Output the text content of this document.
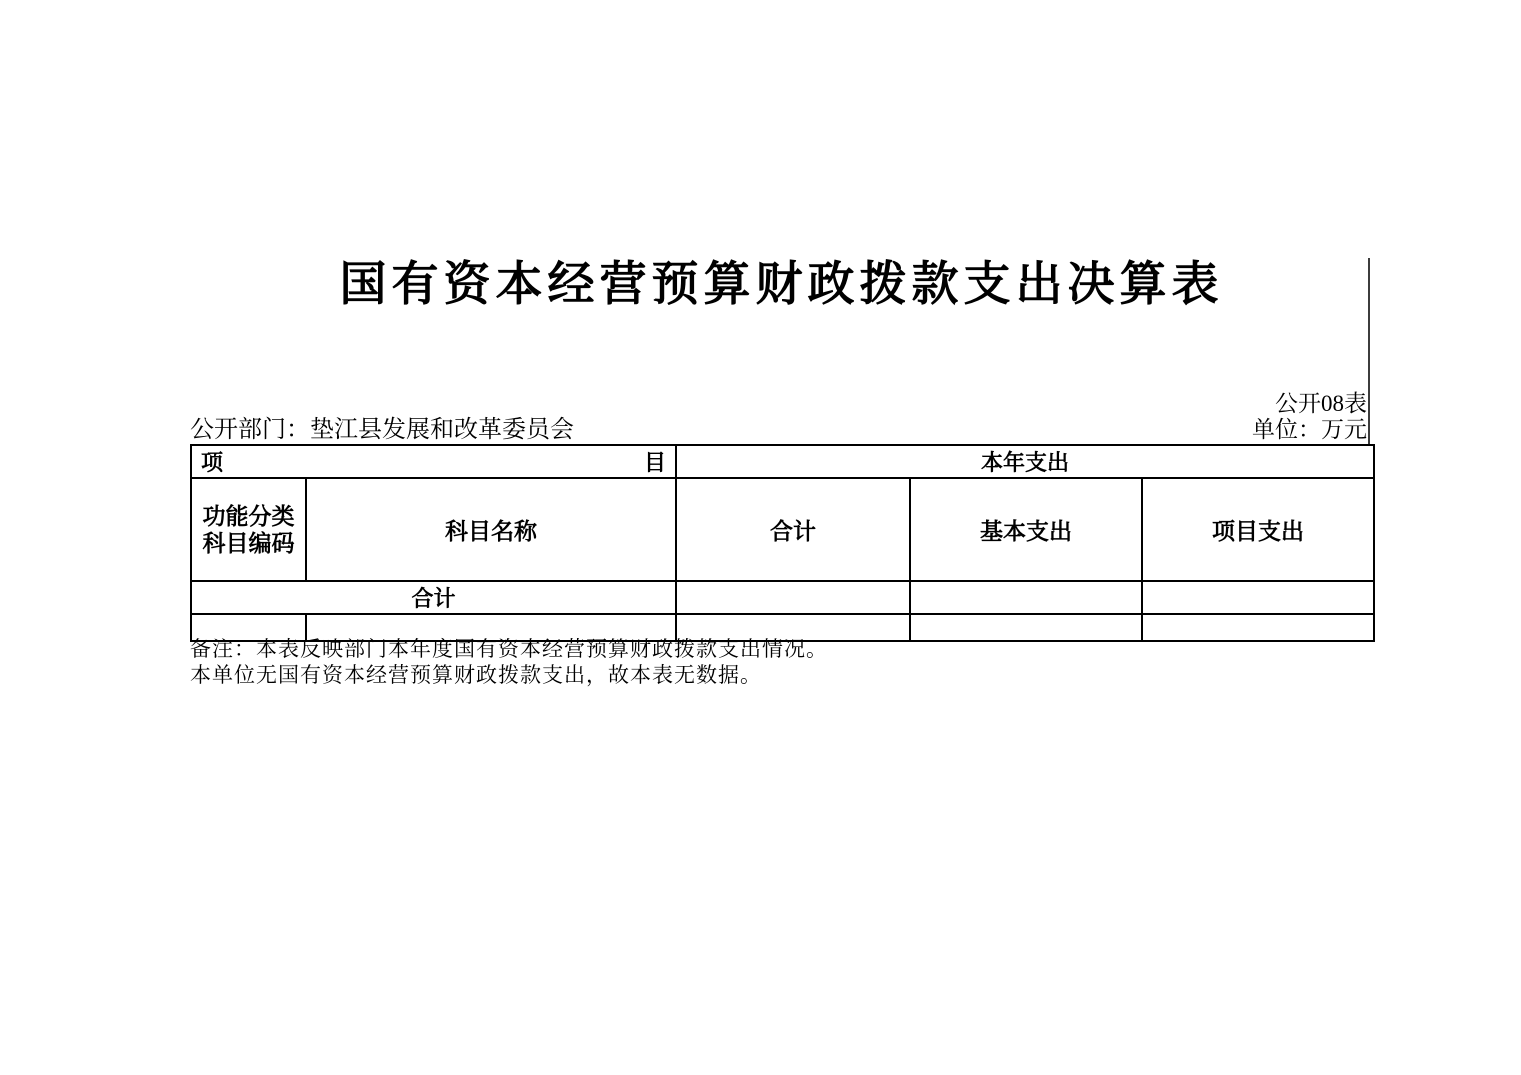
国有资本经营预算财政拨款支出决算表
公开08表
公开部门：垫江县发展和改革委员会	单位：万元
项 目		本年支出		

功能分类
科目编码	科目名称	合计	基本支出	项目支出
合计				

备注：本表反映部门本年度国有资本经营预算财政拨款支出情况。
本单位无国有资本经营预算财政拨款支出，故本表无数据。
